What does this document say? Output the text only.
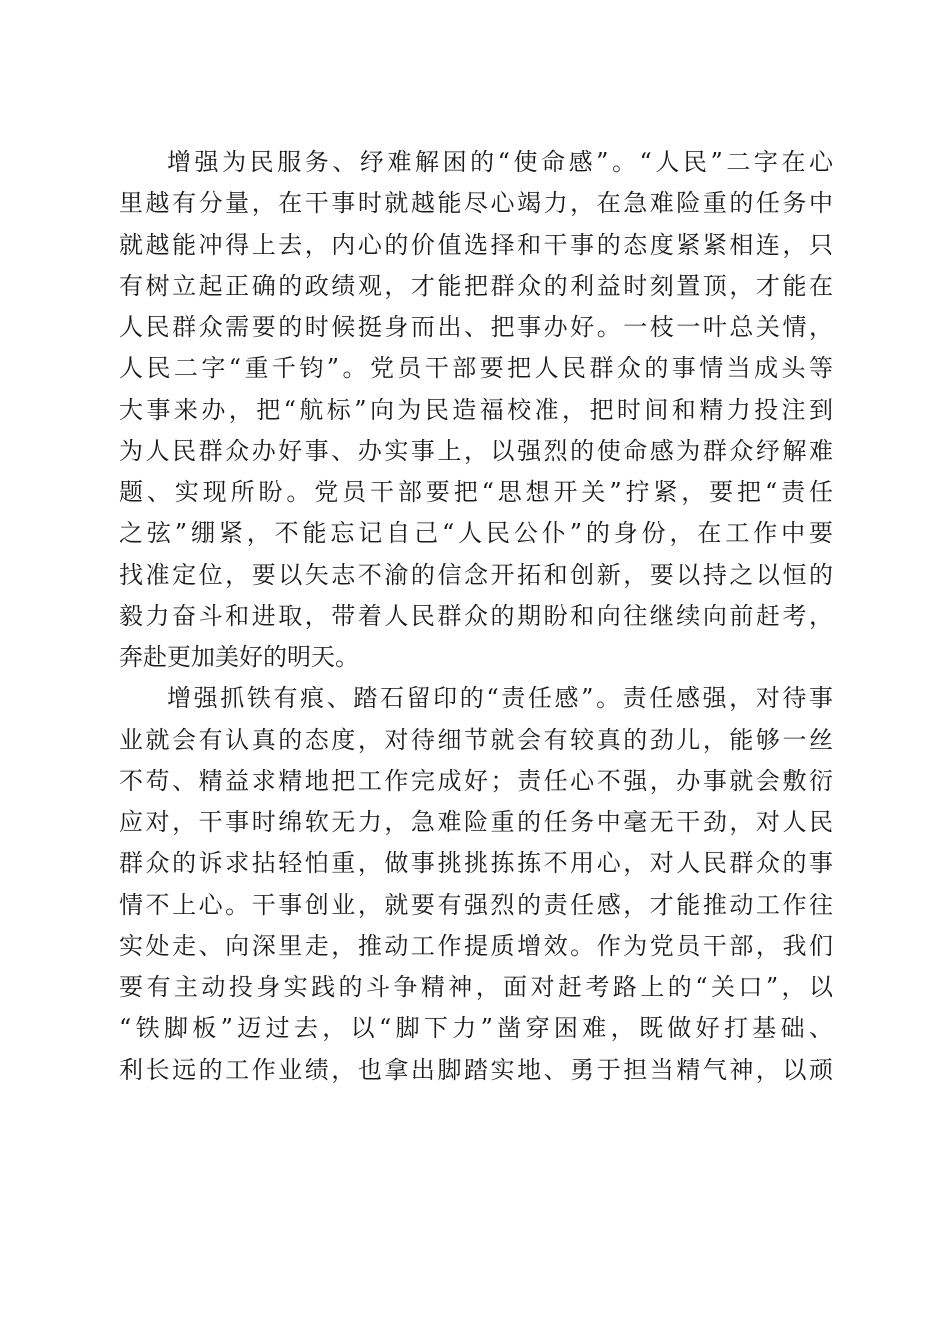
增强为民服务、纾难解困的“使命感”。“人民”二字在心
里越有分量，在干事时就越能尽心竭力，在急难险重的任务中
就越能冲得上去，内心的价值选择和干事的态度紧紧相连，只
有树立起正确的政绩观，才能把群众的利益时刻置顶，才能在
人民群众需要的时候挺身而出、把事办好。一枝一叶总关情，
人民二字“重千钧”。党员干部要把人民群众的事情当成头等
大事来办，把“航标”向为民造福校准，把时间和精力投注到
为人民群众办好事、办实事上，以强烈的使命感为群众纾解难
题、实现所盼。党员干部要把“思想开关”拧紧，要把“责任
之弦”绷紧，不能忘记自己“人民公仆”的身份，在工作中要
找准定位，要以矢志不渝的信念开拓和创新，要以持之以恒的
毅力奋斗和进取，带着人民群众的期盼和向往继续向前赶考，
奔赴更加美好的明天。
增强抓铁有痕、踏石留印的“责任感”。责任感强，对待事
业就会有认真的态度，对待细节就会有较真的劲儿，能够一丝
不苟、精益求精地把工作完成好；责任心不强，办事就会敷衍
应对，干事时绵软无力，急难险重的任务中毫无干劲，对人民
群众的诉求拈轻怕重，做事挑挑拣拣不用心，对人民群众的事
情不上心。干事创业，就要有强烈的责任感，才能推动工作往
实处走、向深里走，推动工作提质增效。作为党员干部，我们
要有主动投身实践的斗争精神，面对赶考路上的“关口”，以
“铁脚板”迈过去，以“脚下力”凿穿困难，既做好打基础、
利长远的工作业绩，也拿出脚踏实地、勇于担当精气神，以顽
